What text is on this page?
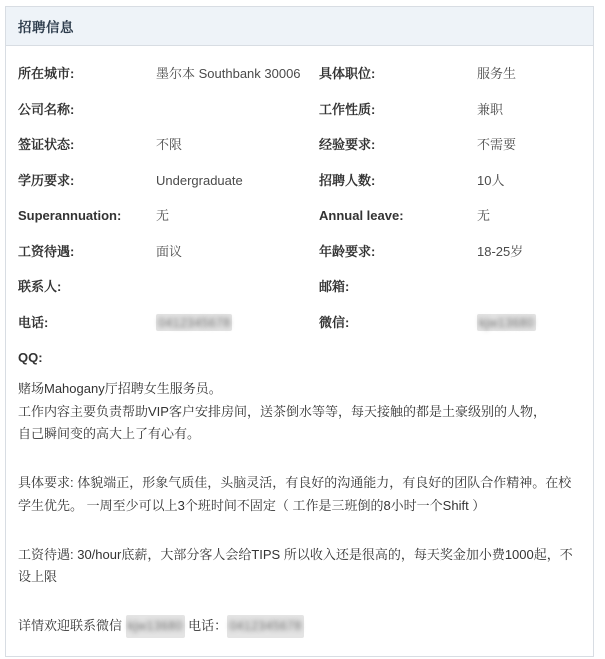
招聘信息
所在城市:	墨尔本 Southbank 30006	具体职位:	服务生
公司名称:		工作性质:	兼职
签证状态:	不限	经验要求:	不需要
学历要求:	Undergraduate	招聘人数:	10人
Superannuation:	无	Annual leave:	无
工资待遇:	面议	年龄要求:	18-25岁
联系人:		邮箱:	
电话:	0412345678	微信:	kjw13680
QQ:			

赌场Mahogany厅招聘女生服务员。

工作内容主要负责帮助VIP客户安排房间，送茶倒水等等，每天接触的都是土豪级别的人物，

自己瞬间变的高大上了有心有。

具体要求: 体貌端正，形象气质佳，头脑灵活，有良好的沟通能力，有良好的团队合作精神。在校学生优先。 一周至少可以上3个班时间不固定（ 工作是三班倒的8小时一个Shift ）

工资待遇: 30/hour底薪，大部分客人会给TIPS 所以收入还是很高的，每天奖金加小费1000起，不设上限

详情欢迎联系微信 kjw13680 电话： 0412345678
